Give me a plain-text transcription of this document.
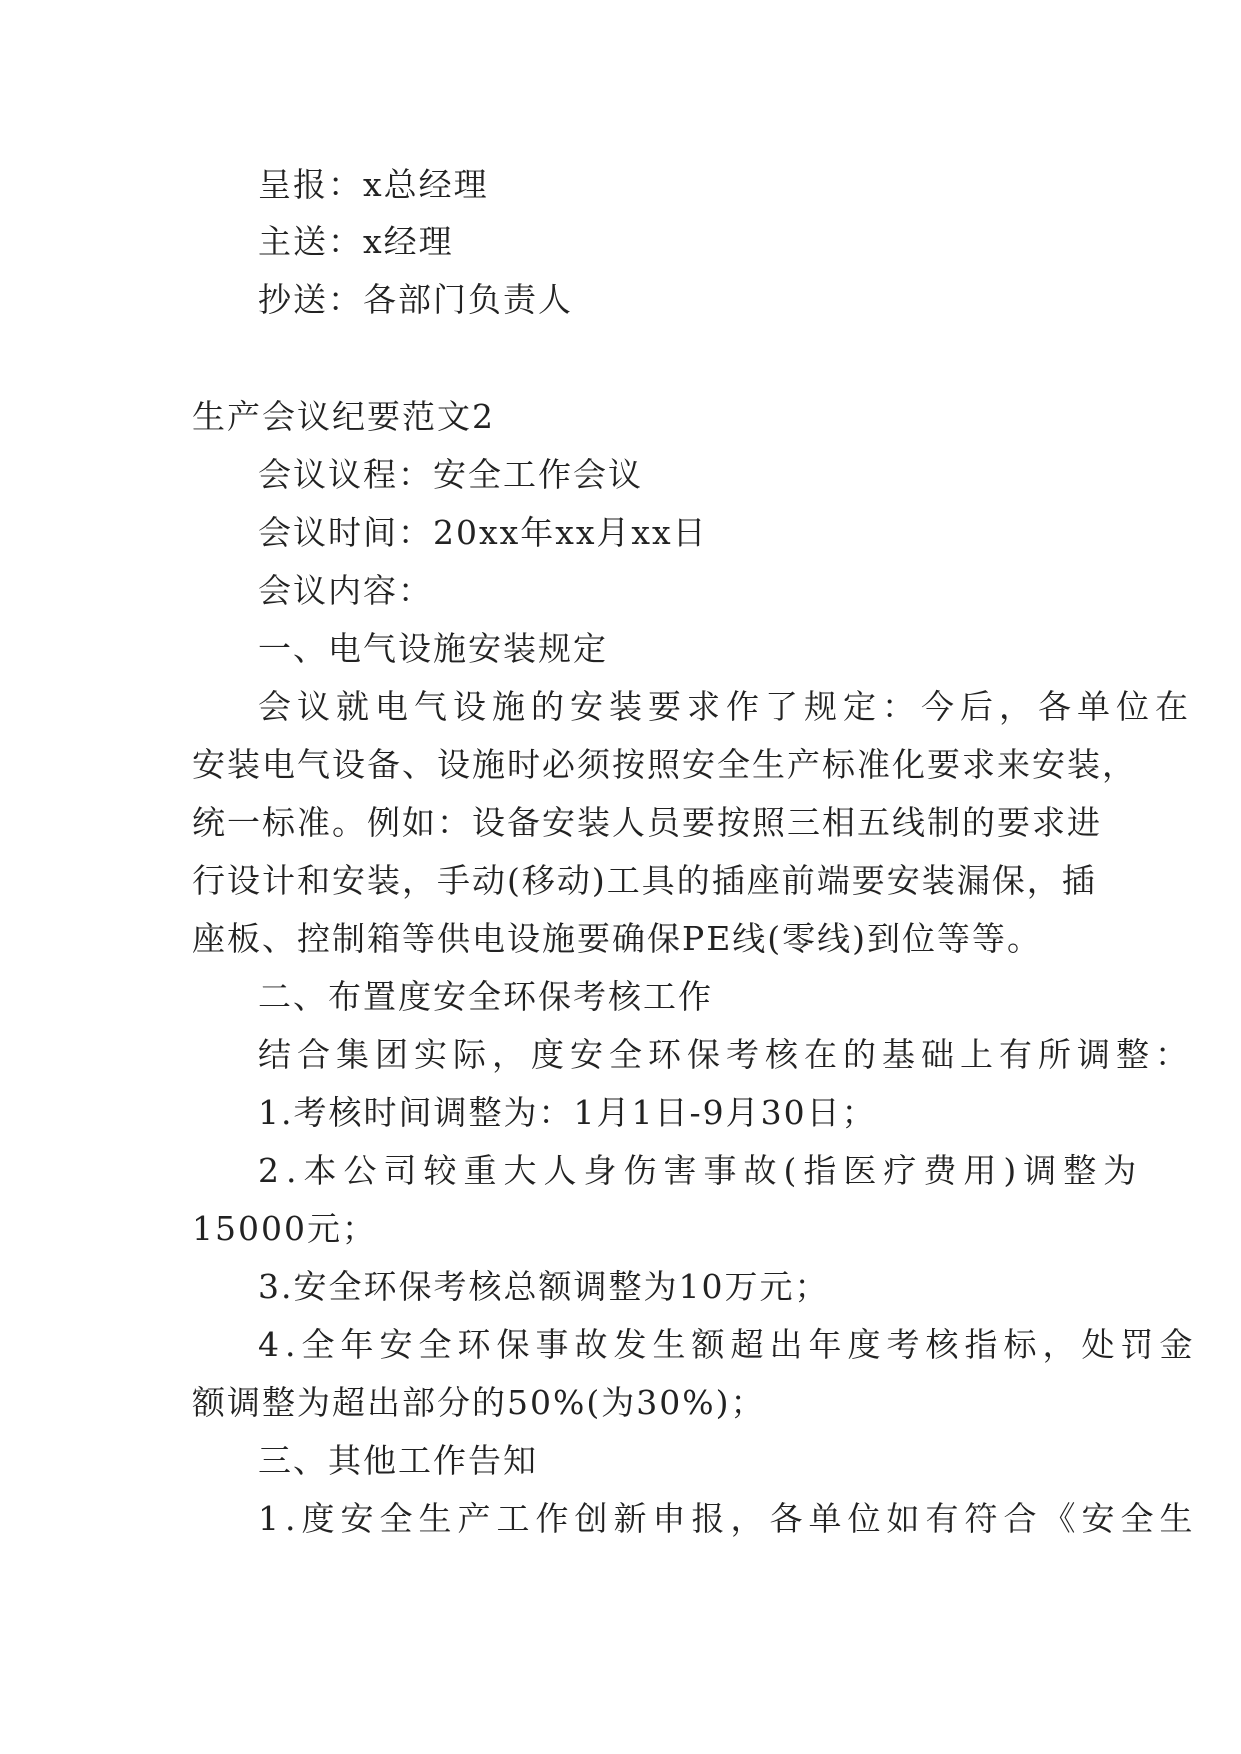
呈报：x总经理
主送：x经理
抄送：各部门负责人
生产会议纪要范文2
会议议程：安全工作会议
会议时间：20xx年xx月xx日
会议内容：
一、电气设施安装规定
会议就电气设施的安装要求作了规定：今后，各单位在
安装电气设备、设施时必须按照安全生产标准化要求来安装，
统一标准。例如：设备安装人员要按照三相五线制的要求进
行设计和安装，手动(移动)工具的插座前端要安装漏保，插
座板、控制箱等供电设施要确保PE线(零线)到位等等。
二、布置度安全环保考核工作
结合集团实际，度安全环保考核在的基础上有所调整：
1.考核时间调整为：1月1日-9月30日；
2.本公司较重大人身伤害事故(指医疗费用)调整为
15000元；
3.安全环保考核总额调整为10万元；
4.全年安全环保事故发生额超出年度考核指标，处罚金
额调整为超出部分的50%(为30%)；
三、其他工作告知
1.度安全生产工作创新申报，各单位如有符合《安全生
